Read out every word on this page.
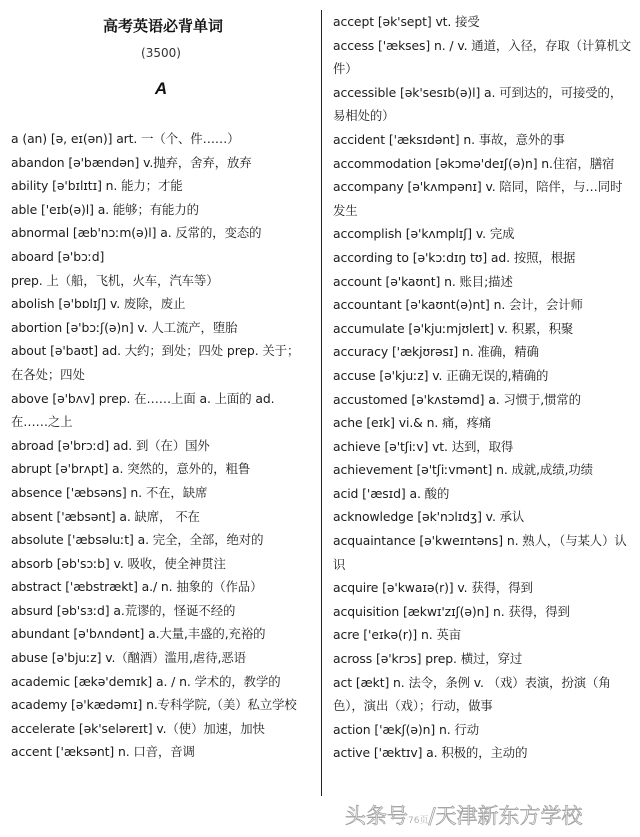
高考英语必背单词
(3500)
A
a (an) [ə, eɪ(ən)] art. 一（个、件……）
abandon [ə'bændən] v.抛弃，舍弃，放弃
ability [ə'bɪlɪtɪ] n. 能力；才能
able ['eɪb(ə)l] a. 能够；有能力的
abnormal [æb'nɔːm(ə)l] a. 反常的，变态的
aboard [ə'bɔːd] prep. 上（船，飞机，火车，汽车等）
abolish [ə'bɒlɪʃ] v. 废除，废止
abortion [ə'bɔːʃ(ə)n] v. 人工流产，堕胎
about [ə'baʊt] ad. 大约；到处；四处 prep. 关于；在各处；四处
above [ə'bʌv] prep. 在……上面 a. 上面的 ad. 在……之上
abroad [ə'brɔːd] ad. 到（在）国外
abrupt [ə'brʌpt] a. 突然的，意外的，粗鲁
absence ['æbsəns] n. 不在，缺席
absent ['æbsənt] a. 缺席， 不在
absolute ['æbsəluːt] a. 完全，全部，绝对的
absorb [əb'sɔːb] v. 吸收，使全神贯注
abstract ['æbstrækt] a./ n. 抽象的（作品）
absurd [əb'sɜːd] a.荒谬的，怪诞不经的
abundant [ə'bʌndənt] a.大量,丰盛的,充裕的
abuse [ə'bjuːz] v.（酗酒）滥用,虐待,恶语
academic [ækə'demɪk] a. / n. 学术的，教学的
academy [ə'kædəmɪ] n.专科学院,（美）私立学校
accelerate [ək'seləreɪt] v.（使）加速，加快
accent ['æksənt] n. 口音，音调
accept [ək'sept] vt. 接受
access ['ækses] n. / v. 通道，入径，存取（计算机文件）
accessible [ək'sesɪb(ə)l] a. 可到达的，可接受的，易相处的）
accident ['æksɪdənt] n. 事故，意外的事
accommodation [əkɔmə'deɪʃ(ə)n] n.住宿，膳宿
accompany [ə'kʌmpənɪ] v. 陪同，陪伴，与…同时发生
accomplish [ə'kʌmplɪʃ] v. 完成
according to [ə'kɔːdɪŋ tʊ] ad. 按照，根据
account [ə'kaʊnt] n. 账目;描述
accountant [ə'kaʊnt(ə)nt] n. 会计，会计师
accumulate [ə'kjuːmjʊleɪt] v. 积累，积聚
accuracy ['ækjʊrəsɪ] n. 准确，精确
accuse [ə'kjuːz] v. 正确无误的,精确的
accustomed [ə'kʌstəmd] a. 习惯于,惯常的
ache [eɪk] vi.& n. 痛，疼痛
achieve [ə'tʃiːv] vt. 达到，取得
achievement [ə'tʃiːvmənt] n. 成就,成绩,功绩
acid ['æsɪd] a. 酸的
acknowledge [ək'nɔlɪdʒ] v. 承认
acquaintance [ə'kweɪntəns] n. 熟人，（与某人）认识
acquire [ə'kwaɪə(r)] v. 获得，得到
acquisition [ækwɪ'zɪʃ(ə)n] n. 获得，得到
acre ['eɪkə(r)] n. 英亩
across [ə'krɔs] prep. 横过，穿过
act [ækt] n. 法令，条例 v. （戏）表演，扮演（角色），演出（戏）；行动，做事
action ['ækʃ(ə)n] n. 行动
active ['æktɪv] a. 积极的，主动的
头条号76页/天津新东方学校
